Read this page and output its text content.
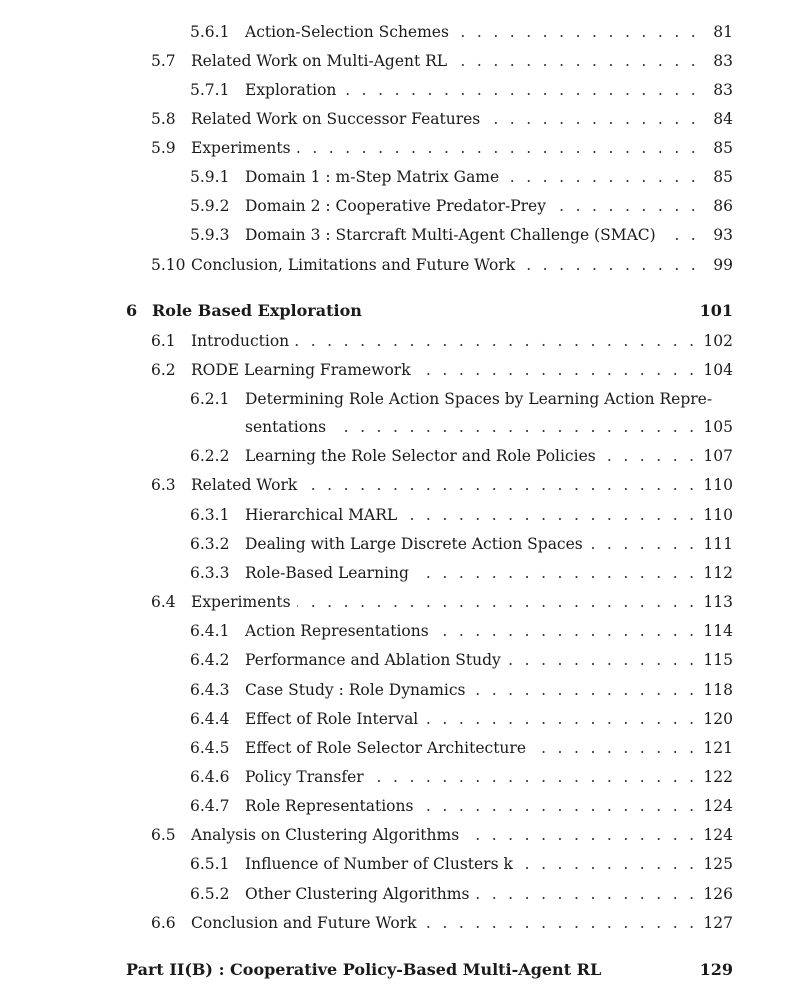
5.6.1 Action-Selection Schemes . . .	81
5.7 Related Work on Multi-Agent RL . . .	83
5.7.1 Exploration . . .	83
5.8 Related Work on Successor Features . . .	84
5.9 Experiments . . .	85
5.9.1 Domain 1 : m-Step Matrix Game . . .	85
5.9.2 Domain 2 : Cooperative Predator-Prey . . .	86
5.9.3 Domain 3 : Starcraft Multi-Agent Challenge (SMAC) . . .	93
5.10 Conclusion, Limitations and Future Work . . .	99
6 Role Based Exploration	101
6.1 Introduction . . .	102
6.2 RODE Learning Framework . . .	104
6.2.1 Determining Role Action Spaces by Learning Action Repre-
sentations . . .	105
6.2.2 Learning the Role Selector and Role Policies . . .	107
6.3 Related Work . . .	110
6.3.1 Hierarchical MARL . . .	110
6.3.2 Dealing with Large Discrete Action Spaces . . .	111
6.3.3 Role-Based Learning . . .	112
6.4 Experiments . . .	113
6.4.1 Action Representations . . .	114
6.4.2 Performance and Ablation Study . . .	115
6.4.3 Case Study : Role Dynamics . . .	118
6.4.4 Effect of Role Interval . . .	120
6.4.5 Effect of Role Selector Architecture . . .	121
6.4.6 Policy Transfer . . .	122
6.4.7 Role Representations . . .	124
6.5 Analysis on Clustering Algorithms . . .	124
6.5.1 Influence of Number of Clusters k . . .	125
6.5.2 Other Clustering Algorithms . . .	126
6.6 Conclusion and Future Work . . .	127
Part II(B) : Cooperative Policy-Based Multi-Agent RL	129
